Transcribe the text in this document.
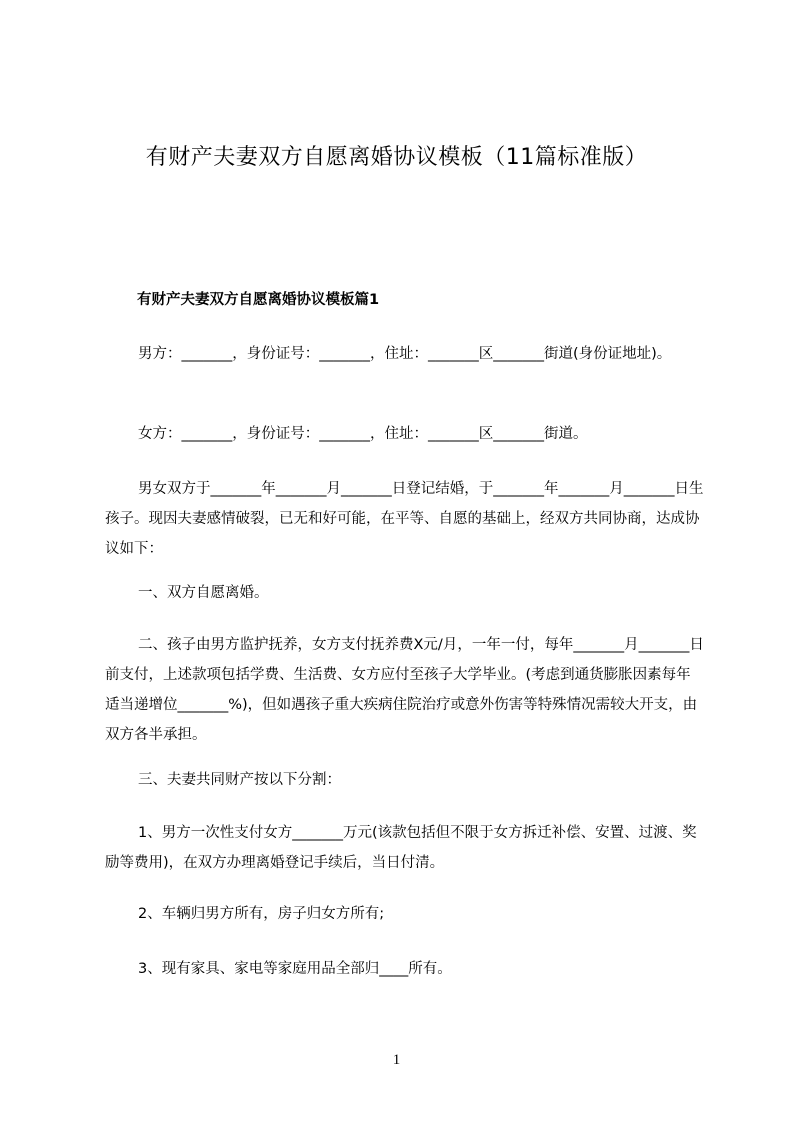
有财产夫妻双方自愿离婚协议模板（11篇标准版）
有财产夫妻双方自愿离婚协议模板篇1
男方：_______，身份证号：_______，住址：_______区_______街道(身份证地址)。
女方：_______，身份证号：_______，住址：_______区_______街道。
男女双方于_______年_______月_______日登记结婚，于_______年_______月_______日生孩子。现因夫妻感情破裂，已无和好可能，在平等、自愿的基础上，经双方共同协商，达成协议如下：
一、双方自愿离婚。
二、孩子由男方监护抚养，女方支付抚养费X元/月，一年一付，每年_______月_______日前支付，上述款项包括学费、生活费、女方应付至孩子大学毕业。(考虑到通货膨胀因素每年适当递增位_______%)，但如遇孩子重大疾病住院治疗或意外伤害等特殊情况需较大开支，由双方各半承担。
三、夫妻共同财产按以下分割：
1、男方一次性支付女方_______万元(该款包括但不限于女方拆迁补偿、安置、过渡、奖励等费用)，在双方办理离婚登记手续后，当日付清。
2、车辆归男方所有，房子归女方所有;
3、现有家具、家电等家庭用品全部归____所有。
1
